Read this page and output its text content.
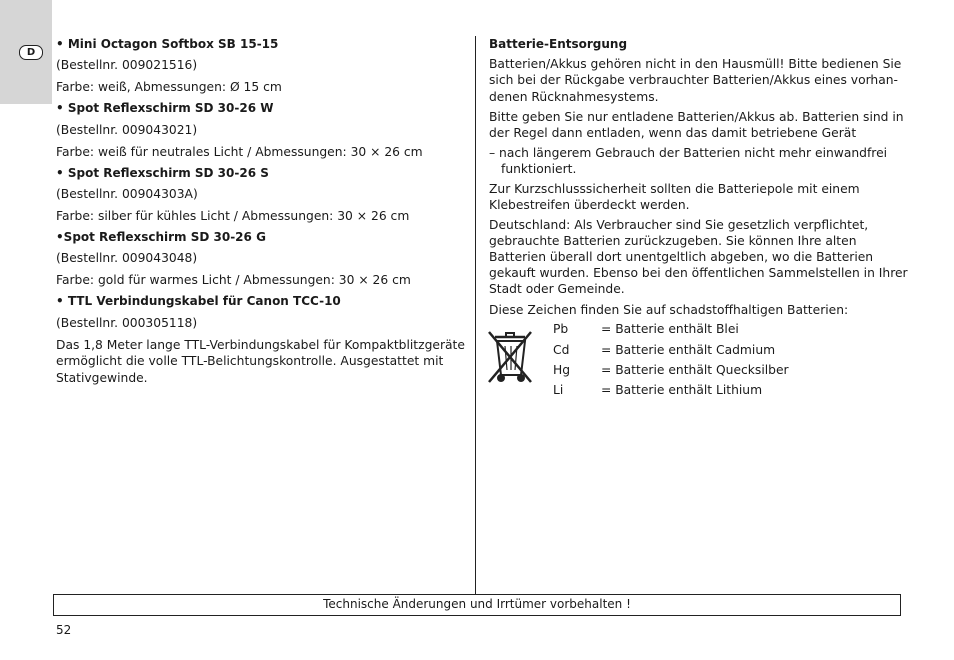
D
• Mini Octagon Softbox SB 15-15
(Bestellnr. 009021516)
Farbe: weiß, Abmessungen: Ø 15 cm
• Spot Reflexschirm SD 30-26 W
(Bestellnr. 009043021)
Farbe: weiß für neutrales Licht / Abmessungen: 30 × 26 cm
• Spot Reflexschirm SD 30-26 S
(Bestellnr. 00904303A)
Farbe: silber für kühles Licht / Abmessungen: 30 × 26 cm
•Spot Reflexschirm SD 30-26 G
(Bestellnr. 009043048)
Farbe: gold für warmes Licht / Abmessungen: 30 × 26 cm
• TTL Verbindungskabel für Canon TCC-10
(Bestellnr. 000305118)
Das 1,8 Meter lange TTL-Verbindungskabel für Kompaktblitzgeräte
ermöglicht die volle TTL-Belichtungskontrolle. Ausgestattet mit
Stativgewinde.
Batterie-Entsorgung
Batterien/Akkus gehören nicht in den Hausmüll! Bitte bedienen Sie
sich bei der Rückgabe verbrauchter Batterien/Akkus eines vorhan-
denen Rücknahmesystems.
Bitte geben Sie nur entladene Batterien/Akkus ab. Batterien sind in
der Regel dann entladen, wenn das damit betriebene Gerät
– nach längerem Gebrauch der Batterien nicht mehr einwandfrei
funktioniert.
Zur Kurzschlusssicherheit sollten die Batteriepole mit einem
Klebestreifen überdeckt werden.
Deutschland: Als Verbraucher sind Sie gesetzlich verpflichtet,
gebrauchte Batterien zurückzugeben. Sie können Ihre alten
Batterien überall dort unentgeltlich abgeben, wo die Batterien
gekauft wurden. Ebenso bei den öffentlichen Sammelstellen in Ihrer
Stadt oder Gemeinde.
Diese Zeichen finden Sie auf schadstoffhaltigen Batterien:
Pb	= Batterie enthält Blei
Cd	= Batterie enthält Cadmium
Hg	= Batterie enthält Quecksilber
Li	= Batterie enthält Lithium
Technische Änderungen und Irrtümer vorbehalten !
52
